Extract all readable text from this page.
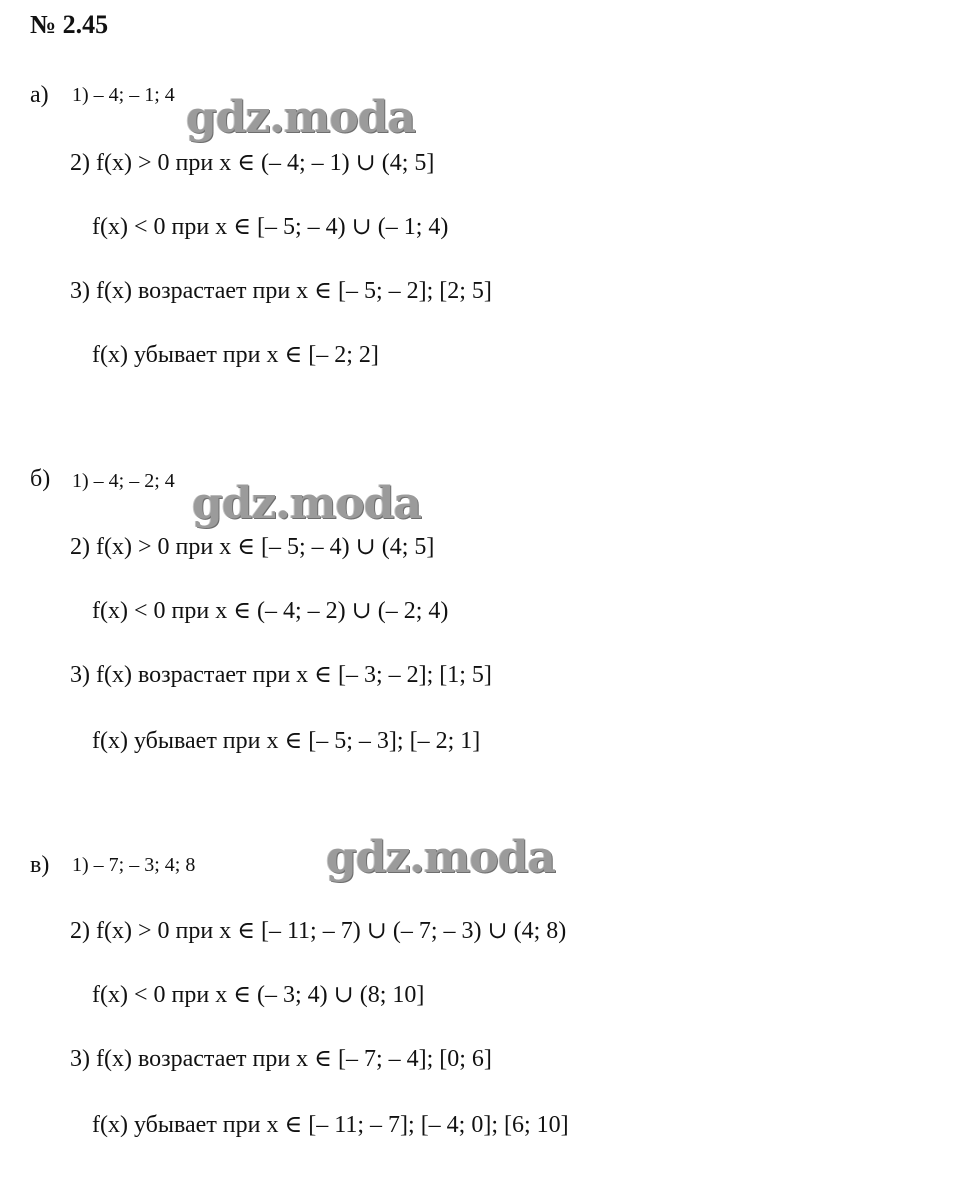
№ 2.45
а) 1) – 4; – 1; 4 gdz.moda
2) f(x) > 0 при x ∈ (– 4; – 1) ∪ (4; 5]
f(x) < 0 при x ∈ [– 5; – 4) ∪ (– 1; 4)
3) f(x) возрастает при x ∈ [– 5; – 2]; [2; 5]
f(x) убывает при x ∈ [– 2; 2]
б) 1) – 4; – 2; 4 gdz.moda
2) f(x) > 0 при x ∈ [– 5; – 4) ∪ (4; 5]
f(x) < 0 при x ∈ (– 4; – 2) ∪ (– 2; 4)
3) f(x) возрастает при x ∈ [– 3; – 2]; [1; 5]
f(x) убывает при x ∈ [– 5; – 3]; [– 2; 1]
в) 1) – 7; – 3; 4; 8	gdz.moda
2) f(x) > 0 при x ∈ [– 11; – 7) ∪ (– 7; – 3) ∪ (4; 8)
f(x) < 0 при x ∈ (– 3; 4) ∪ (8; 10]
3) f(x) возрастает при x ∈ [– 7; – 4]; [0; 6]
f(x) убывает при x ∈ [– 11; – 7]; [– 4; 0]; [6; 10]
